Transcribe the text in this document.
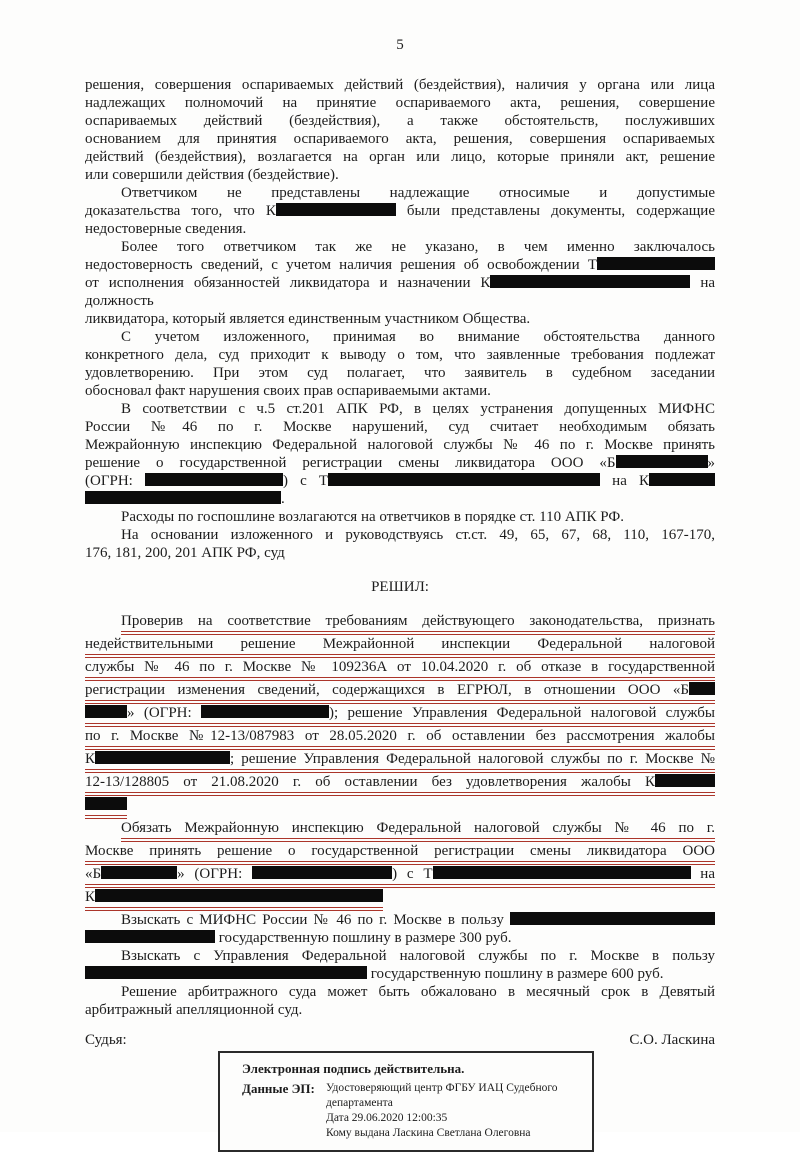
5
решения, совершения оспариваемых действий (бездействия), наличия у органа или лица
надлежащих полномочий на принятие оспариваемого акта, решения, совершение
оспариваемых действий (бездействия), а также обстоятельств, послуживших
основанием для принятия оспариваемого акта, решения, совершения оспариваемых
действий (бездействия), возлагается на орган или лицо, которые приняли акт, решение
или совершили действия (бездействие).
Ответчиком не представлены надлежащие относимые и допустимые
доказательства того, что К	были представлены документы, содержащие
недостоверные сведения.
Более того ответчиком так же не указано, в чем именно заключалось
недостоверность сведений, с учетом наличия решения об освобождении Т
от исполнения обязанностей ликвидатора и назначении К	на должность
ликвидатора, который является единственным участником Общества.
С учетом изложенного, принимая во внимание обстоятельства данного
конкретного дела, суд приходит к выводу о том, что заявленные требования подлежат
удовлетворению. При этом суд полагает, что заявитель в судебном заседании
обосновал факт нарушения своих прав оспариваемыми актами.
В соответствии с ч.5 ст.201 АПК РФ, в целях устранения допущенных МИФНС
России №46 по г. Москве нарушений, суд считает необходимым обязать
Межрайонную инспекцию Федеральной налоговой службы № 46 по г. Москве принять
решение о государственной регистрации смены ликвидатора ООО «Б	»
(ОГРН:	) с Т	на К
.
Расходы по госпошлине возлагаются на ответчиков в порядке ст. 110 АПК РФ.
На основании изложенного и руководствуясь ст.ст. 49, 65, 67, 68, 110, 167-170,
176, 181, 200, 201 АПК РФ, суд
РЕШИЛ:
Проверив на соответствие требованиям действующего законодательства, признать
недействительными решение Межрайонной инспекции Федеральной налоговой
службы № 46 по г. Москве № 109236А от 10.04.2020 г. об отказе в государственной
регистрации изменения сведений, содержащихся в ЕГРЮЛ, в отношении ООО «Б
» (ОГРН:	); решение Управления Федеральной налоговой службы
по г. Москве №12-13/087983 от 28.05.2020 г. об оставлении без рассмотрения жалобы
К	; решение Управления Федеральной налоговой службы по г. Москве №
12-13/128805 от 21.08.2020 г. об оставлении без удовлетворения жалобы К
Обязать Межрайонную инспекцию Федеральной налоговой службы № 46 по г.
Москве принять решение о государственной регистрации смены ликвидатора ООО
«Б	» (ОГРН:	) с Т	на
К
Взыскать с МИФНС России № 46 по г. Москве в пользу
государственную пошлину в размере 300 руб.
Взыскать с Управления Федеральной налоговой службы по г. Москве в пользу
государственную пошлину в размере 600 руб.
Решение арбитражного суда может быть обжаловано в месячный срок в Девятый
арбитражный апелляционной суд.
Судья:	С.О. Ласкина
Электронная подпись действительна.
Данные ЭП: Удостоверяющий центр ФГБУ ИАЦ Судебного
департамента
Дата 29.06.2020 12:00:35
Кому выдана Ласкина Светлана Олеговна
